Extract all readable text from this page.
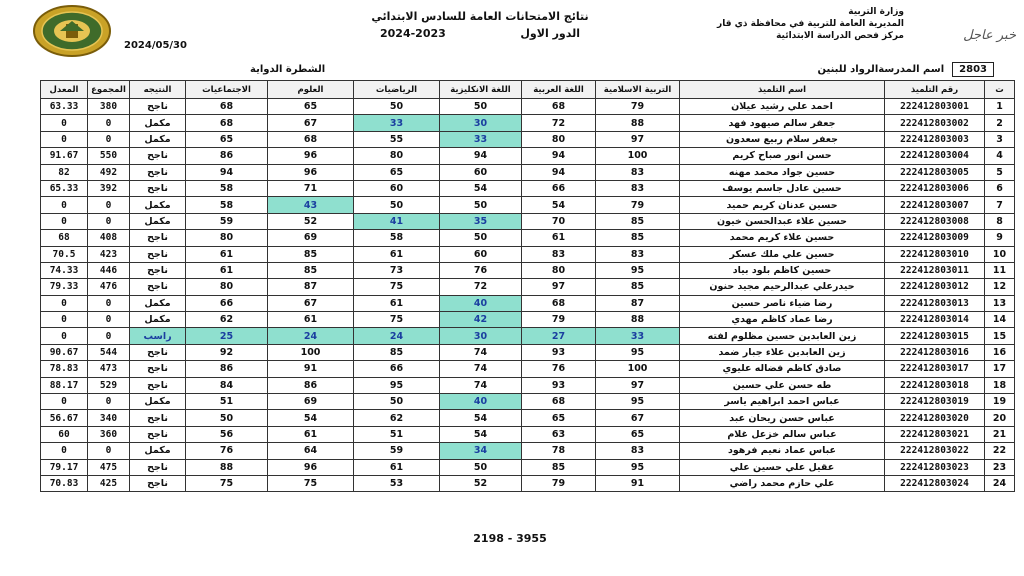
2024/05/30
نتائج الامتحانات العامة للسادس الابتدائي
2024-2023	الدور الاول
وزارة التربية
المديرية العامة للتربية في محافظة ذي قار
مركز فحص الدراسة الابتدائية	خبر عاجل
2803
اسم المدرسة
الرواد للبنين
الشطرة الدواية
ت	رقم التلميذ	اسم التلميذ	التربية الاسلامية	اللغة العربية	اللغة الانكليزية	الرياضيات	العلوم	الاجتماعيات	النتيجه	المجموع	المعدل
1	222412803001	احمد علي رشيد عيلان	79	68	50	50	65	68	ناجح	380	63.33
2	222412803002	جعفر سالم صيهود فهد	88	72	30	33	67	68	مكمل	0	0
3	222412803003	جعفر سلام ربيع سعدون	97	80	33	55	68	65	مكمل	0	0
4	222412803004	حسن انور صباح كريم	100	94	94	80	96	86	ناجح	550	91.67
5	222412803005	حسين جواد محمد مهنه	83	94	60	65	96	94	ناجح	492	82
6	222412803006	حسين عادل جاسم يوسف	83	66	54	60	71	58	ناجح	392	65.33
7	222412803007	حسين عدنان كريم حميد	79	54	50	50	43	58	مكمل	0	0
8	222412803008	حسين علاء عبدالحسن خيون	85	70	35	41	52	59	مكمل	0	0
9	222412803009	حسين علاء كريم محمد	85	61	50	58	69	80	ناجح	408	68
10	222412803010	حسين علي ملك عسكر	83	83	60	61	85	61	ناجح	423	70.5
11	222412803011	حسين كاظم بلود بياد	95	80	76	73	85	61	ناجح	446	74.33
12	222412803012	حيدرعلي عبدالرحيم مجيد حنون	85	97	72	75	87	80	ناجح	476	79.33
13	222412803013	رضا ضياء ناصر حسين	87	68	40	61	67	66	مكمل	0	0
14	222412803014	رضا عماد كاظم مهدي	88	79	42	75	61	62	مكمل	0	0
15	222412803015	زين العابدين حسين مظلوم لفته	33	27	30	24	24	25	راسب	0	0
16	222412803016	زين العابدين علاء جبار ضمد	95	93	74	85	100	92	ناجح	544	90.67
17	222412803017	صادق كاظم فضاله عليوي	100	76	74	66	91	86	ناجح	473	78.83
18	222412803018	طه حسن علي حسين	97	93	74	95	86	84	ناجح	529	88.17
19	222412803019	عباس احمد ابراهيم ياسر	95	68	40	50	69	51	مكمل	0	0
20	222412803020	عباس حسن ريحان عبد	67	65	54	62	54	50	ناجح	340	56.67
21	222412803021	عباس سالم خزعل غلام	65	63	54	51	61	56	ناجح	360	60
22	222412803022	عباس عماد نعيم فرهود	83	78	34	59	64	76	مكمل	0	0
23	222412803023	عقيل علي حسين علي	95	85	50	61	96	88	ناجح	475	79.17
24	222412803024	علي حازم محمد راضي	91	79	52	53	75	75	ناجح	425	70.83
2198 - 3955
